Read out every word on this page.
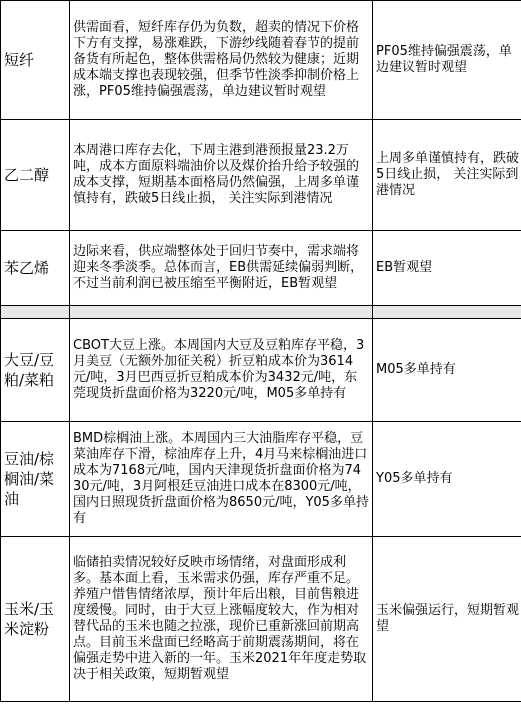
短纤	供需面看，短纤库存仍为负数，超卖的情况下价格下方有支撑，易涨难跌，下游纱线随着春节的提前备货有所起色，整体供需格局仍然较为健康；近期成本端支撑也表现较强，但季节性淡季抑制价格上涨，PF05维持偏强震荡，单边建议暂时观望	PF05维持偏强震荡，单边建议暂时观望

乙二醇	本周港口库存去化，下周主港到港预报量23.2万吨，成本方面原料端油价以及煤价抬升给予较强的成本支撑，短期基本面格局仍然偏强，上周多单谨慎持有，跌破5日线止损， 关注实际到港情况	上周多单谨慎持有，跌破5日线止损， 关注实际到港情况

苯乙烯	边际来看，供应端整体处于回归节奏中，需求端将迎来冬季淡季。总体而言，EB供需延续偏弱判断，不过当前利润已被压缩至平衡附近，EB暂观望	EB暂观望

大豆/豆粕/菜粕	CBOT大豆上涨。本周国内大豆及豆粕库存平稳，3月美豆（无额外加征关税）折豆粕成本价为3614元/吨，3月巴西豆折豆粕成本价为3432元/吨，东莞现货折盘面价格为3220元/吨，M05多单持有	M05多单持有

豆油/棕榈油/菜油	BMD棕榈油上涨。本周国内三大油脂库存平稳，豆菜油库存下滑，棕油库存上升，4月马来棕榈油进口成本为7168元/吨，国内天津现货折盘面价格为7430元/吨，3月阿根廷豆油进口成本在8300元/吨，国内日照现货折盘面价格为8650元/吨，Y05多单持有	Y05多单持有

玉米/玉米淀粉	临储拍卖情况较好反映市场情绪，对盘面形成利多。基本面上看，玉米需求仍强，库存严重不足。养殖户惜售情绪浓厚，预计年后出粮，目前售粮进度缓慢。同时，由于大豆上涨幅度较大，作为相对替代品的玉米也随之拉涨，现价已重新涨回前期高点。目前玉米盘面已经略高于前期震荡期间，将在偏强走势中进入新的一年。玉米2021年年度走势取决于相关政策，短期暂观望	玉米偏强运行，短期暂观望
